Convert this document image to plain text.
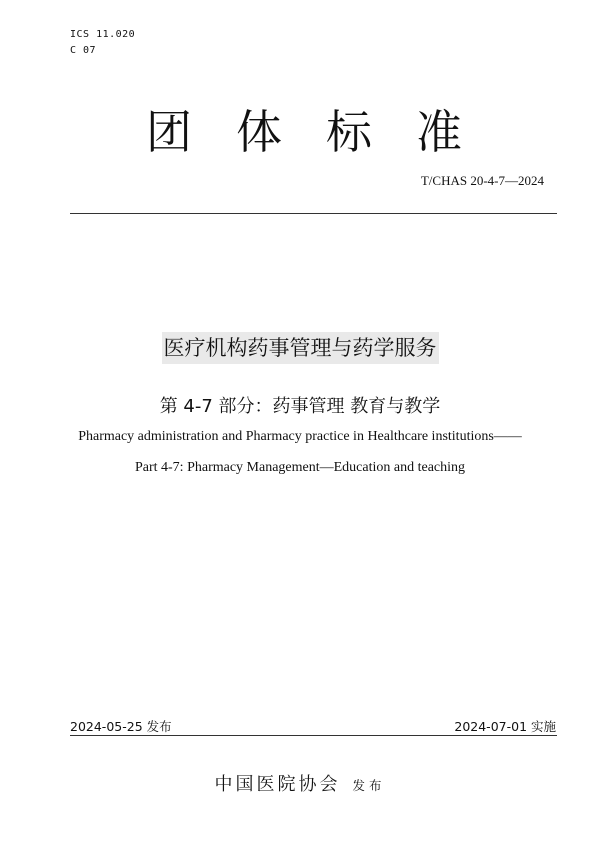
ICS 11.020
C 07
团体标准
T/CHAS 20-4-7—2024
医疗机构药事管理与药学服务
第 4-7 部分：药事管理 教育与教学
Pharmacy administration and Pharmacy practice in Healthcare institutions——
Part 4-7: Pharmacy Management—Education and teaching
2024-05-25 发布	2024-07-01 实施
中国医院协会 发布
